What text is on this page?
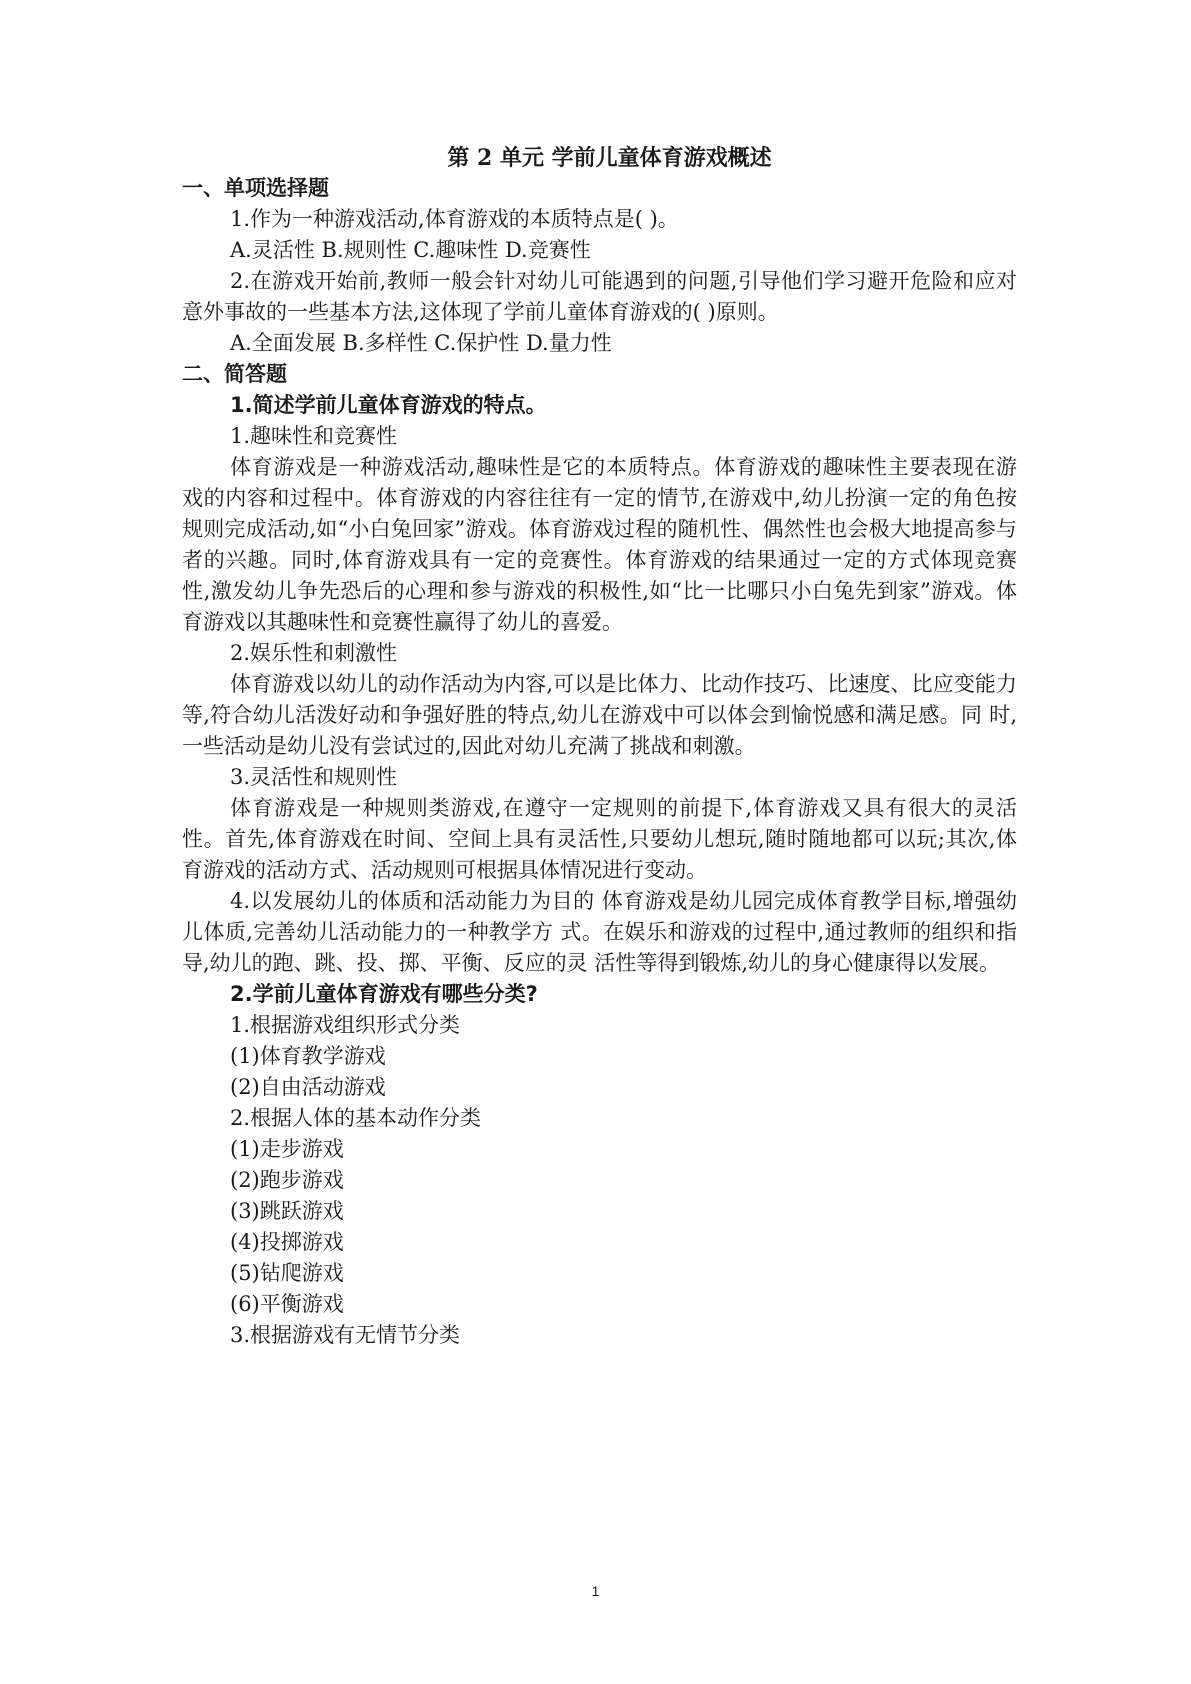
第 2 单元 学前儿童体育游戏概述

一、单项选择题

1.作为一种游戏活动,体育游戏的本质特点是( )。

A.灵活性 B.规则性 C.趣味性 D.竞赛性

2.在游戏开始前,教师一般会针对幼儿可能遇到的问题,引导他们学习避开危险和应对 意外事故的一些基本方法,这体现了学前儿童体育游戏的( )原则。

A.全面发展 B.多样性 C.保护性 D.量力性

二、简答题

1.简述学前儿童体育游戏的特点。

1.趣味性和竞赛性

体育游戏是一种游戏活动,趣味性是它的本质特点。体育游戏的趣味性主要表现在游 戏的内容和过程中。体育游戏的内容往往有一定的情节,在游戏中,幼儿扮演一定的角色按 规则完成活动,如“小白兔回家”游戏。体育游戏过程的随机性、偶然性也会极大地提高参与 者的兴趣。同时,体育游戏具有一定的竞赛性。体育游戏的结果通过一定的方式体现竞赛 性,激发幼儿争先恐后的心理和参与游戏的积极性,如“比一比哪只小白兔先到家”游戏。体 育游戏以其趣味性和竞赛性赢得了幼儿的喜爱。

2.娱乐性和刺激性

体育游戏以幼儿的动作活动为内容,可以是比体力、比动作技巧、比速度、比应变能力 等,符合幼儿活泼好动和争强好胜的特点,幼儿在游戏中可以体会到愉悦感和满足感。同 时,一些活动是幼儿没有尝试过的,因此对幼儿充满了挑战和刺激。

3.灵活性和规则性

体育游戏是一种规则类游戏,在遵守一定规则的前提下,体育游戏又具有很大的灵活 性。首先,体育游戏在时间、空间上具有灵活性,只要幼儿想玩,随时随地都可以玩;其次,体 育游戏的活动方式、活动规则可根据具体情况进行变动。

4.以发展幼儿的体质和活动能力为目的 体育游戏是幼儿园完成体育教学目标,增强幼儿体质,完善幼儿活动能力的一种教学方 式。在娱乐和游戏的过程中,通过教师的组织和指导,幼儿的跑、跳、投、掷、平衡、反应的灵 活性等得到锻炼,幼儿的身心健康得以发展。

2.学前儿童体育游戏有哪些分类?

1.根据游戏组织形式分类

(1)体育教学游戏

(2)自由活动游戏

2.根据人体的基本动作分类

(1)走步游戏

(2)跑步游戏

(3)跳跃游戏

(4)投掷游戏

(5)钻爬游戏

(6)平衡游戏

3.根据游戏有无情节分类

1
